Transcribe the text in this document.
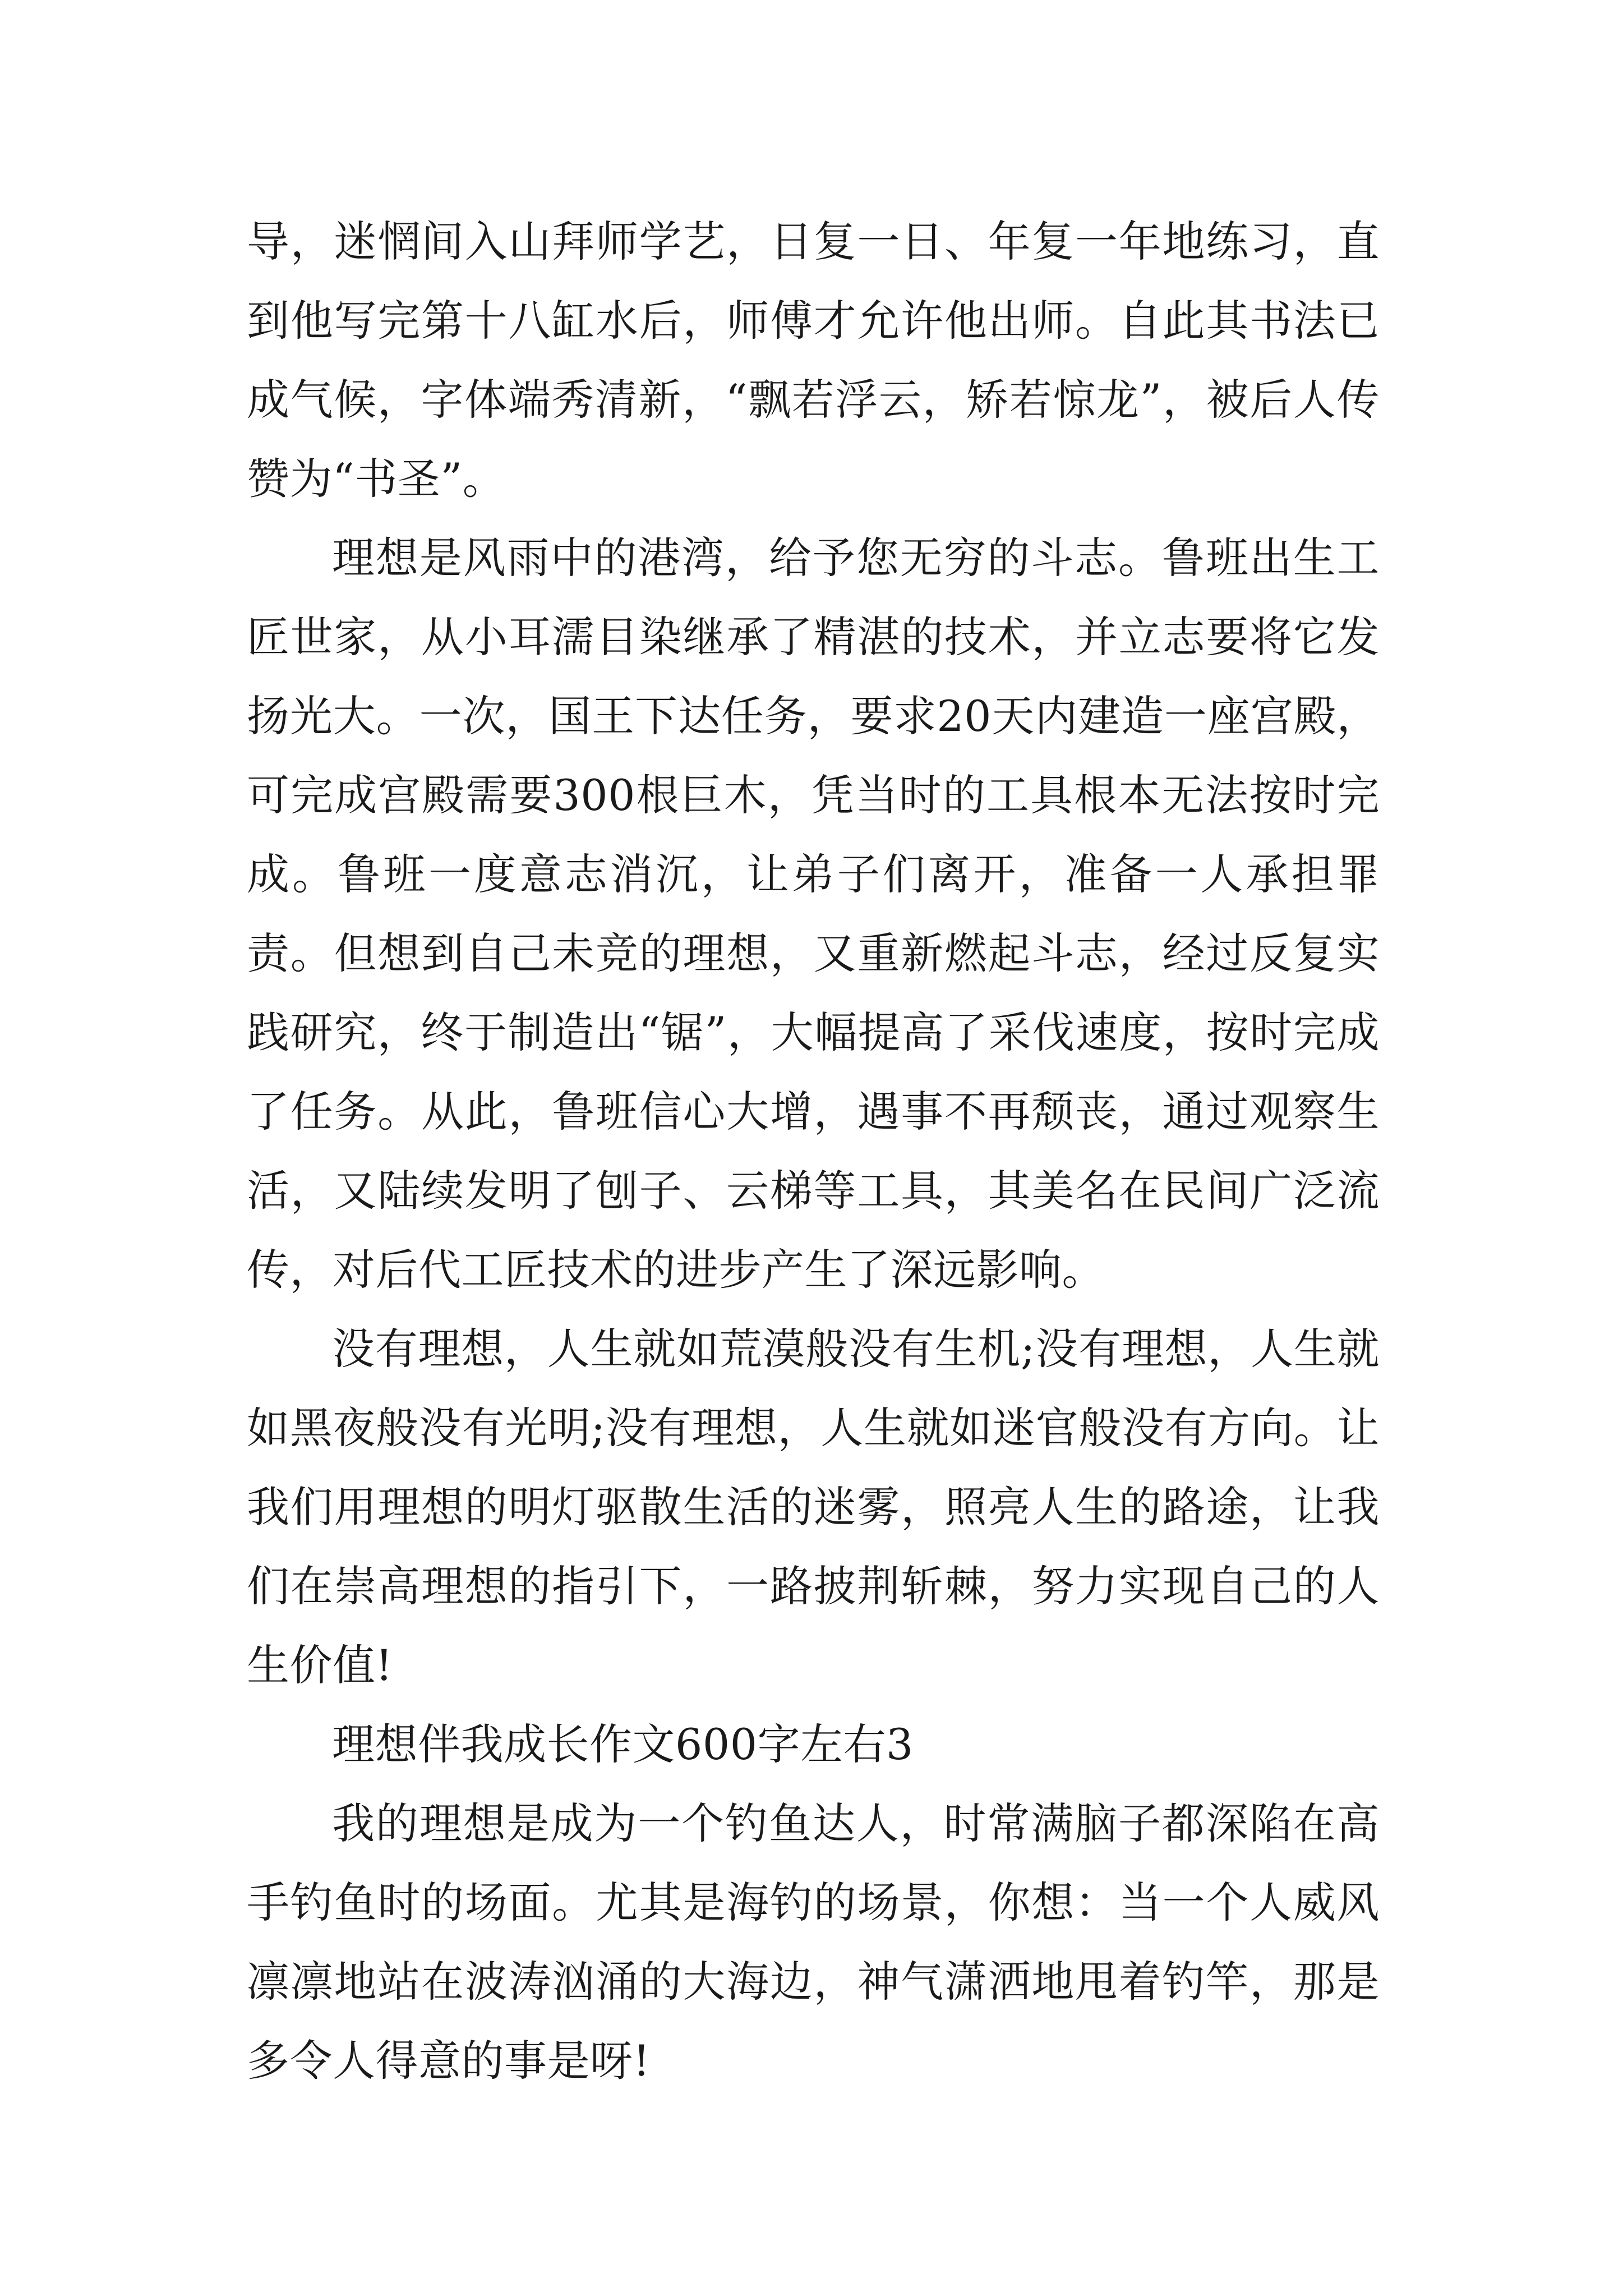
导，迷惘间入山拜师学艺，日复一日、年复一年地练习，直到他写完第十八缸水后，师傅才允许他出师。自此其书法已成气候，字体端秀清新，“飘若浮云，矫若惊龙”，被后人传赞为“书圣”。

理想是风雨中的港湾，给予您无穷的斗志。鲁班出生工匠世家，从小耳濡目染继承了精湛的技术，并立志要将它发扬光大。一次，国王下达任务，要求20天内建造一座宫殿，可完成宫殿需要300根巨木，凭当时的工具根本无法按时完成。鲁班一度意志消沉，让弟子们离开，准备一人承担罪责。但想到自己未竞的理想，又重新燃起斗志，经过反复实践研究，终于制造出“锯”，大幅提高了采伐速度，按时完成了任务。从此，鲁班信心大增，遇事不再颓丧，通过观察生活，又陆续发明了刨子、云梯等工具，其美名在民间广泛流传，对后代工匠技术的进步产生了深远影响。

没有理想，人生就如荒漠般没有生机;没有理想，人生就如黑夜般没有光明;没有理想，人生就如迷官般没有方向。让我们用理想的明灯驱散生活的迷雾，照亮人生的路途，让我们在崇高理想的指引下，一路披荆斩棘，努力实现自己的人生价值!

理想伴我成长作文600字左右3

我的理想是成为一个钓鱼达人，时常满脑子都深陷在高手钓鱼时的场面。尤其是海钓的场景，你想：当一个人威风凛凛地站在波涛汹涌的大海边，神气潇洒地甩着钓竿，那是多令人得意的事是呀!
